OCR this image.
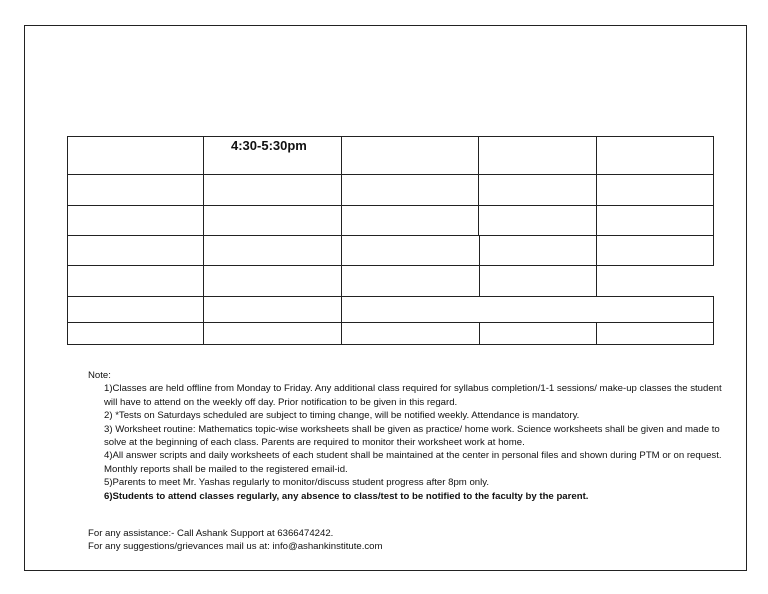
4:30-5:30pm

Note:

1)Classes are held offline from Monday to Friday. Any additional class required for syllabus completion/1-1 sessions/ make-up classes the student will have to attend on the weekly off day. Prior notification to be given in this regard.

2) *Tests on Saturdays scheduled are subject to timing change, will be notified weekly. Attendance is mandatory.

3) Worksheet routine: Mathematics topic-wise worksheets shall be given as practice/ home work. Science worksheets shall be given and made to solve at the beginning of each class. Parents are required to monitor their worksheet work at home.

4)All answer scripts and daily worksheets of each student shall be maintained at the center in personal files and shown during PTM or on request. Monthly reports shall be mailed to the registered email-id.

5)Parents to meet Mr. Yashas regularly to monitor/discuss student progress after 8pm only.

6)Students to attend classes regularly, any absence to class/test to be notified to the faculty by the parent.

For any assistance:- Call Ashank Support at 6366474242.

For any suggestions/grievances mail us at: info@ashankinstitute.com
